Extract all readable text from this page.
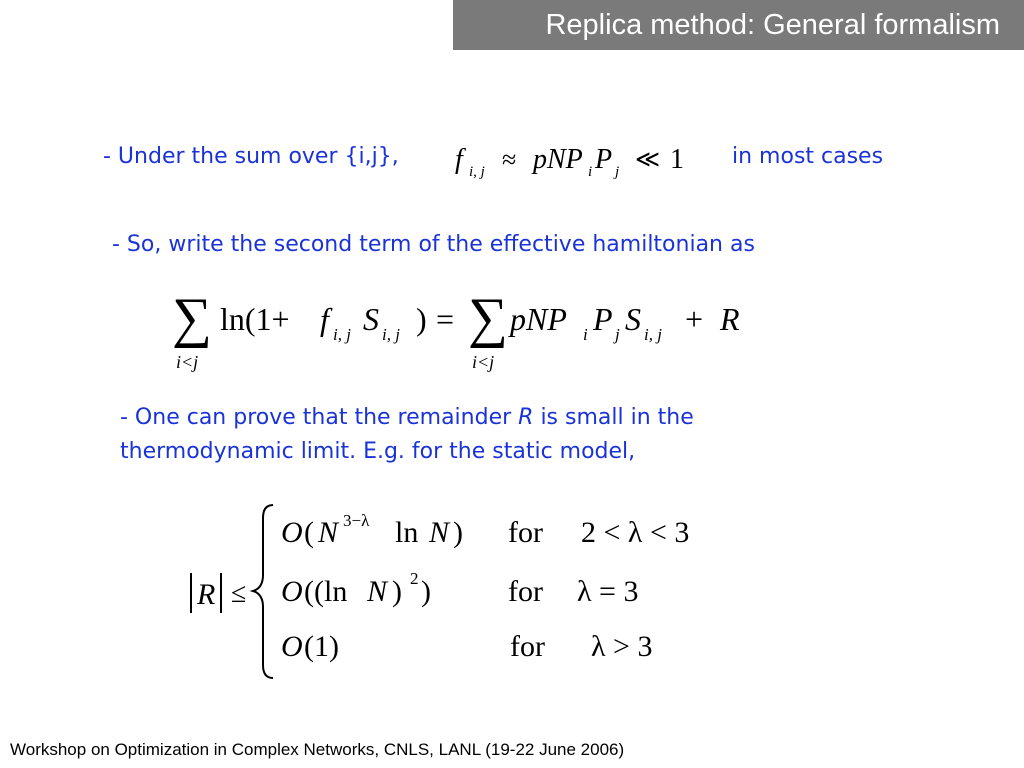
Replica method: General formalism
- Under the sum over {i,j}, f i, j ≈ pNP i P j ≪ 1 in most cases
- So, write the second term of the effective hamiltonian as
∑
i<j
ln(1+ f i, j S i, j ) = ∑
i<j
pNP i P j S i, j + R
- One can prove that the remainder R is small in the
thermodynamic limit. E.g. for the static model,
R ≤
O ( N 3−λ ln N ) for 2 < λ < 3
O ((ln N ) 2 )	for λ = 3
O (1)	for λ > 3
Workshop on Optimization in Complex Networks, CNLS, LANL (19-22 June 2006)
